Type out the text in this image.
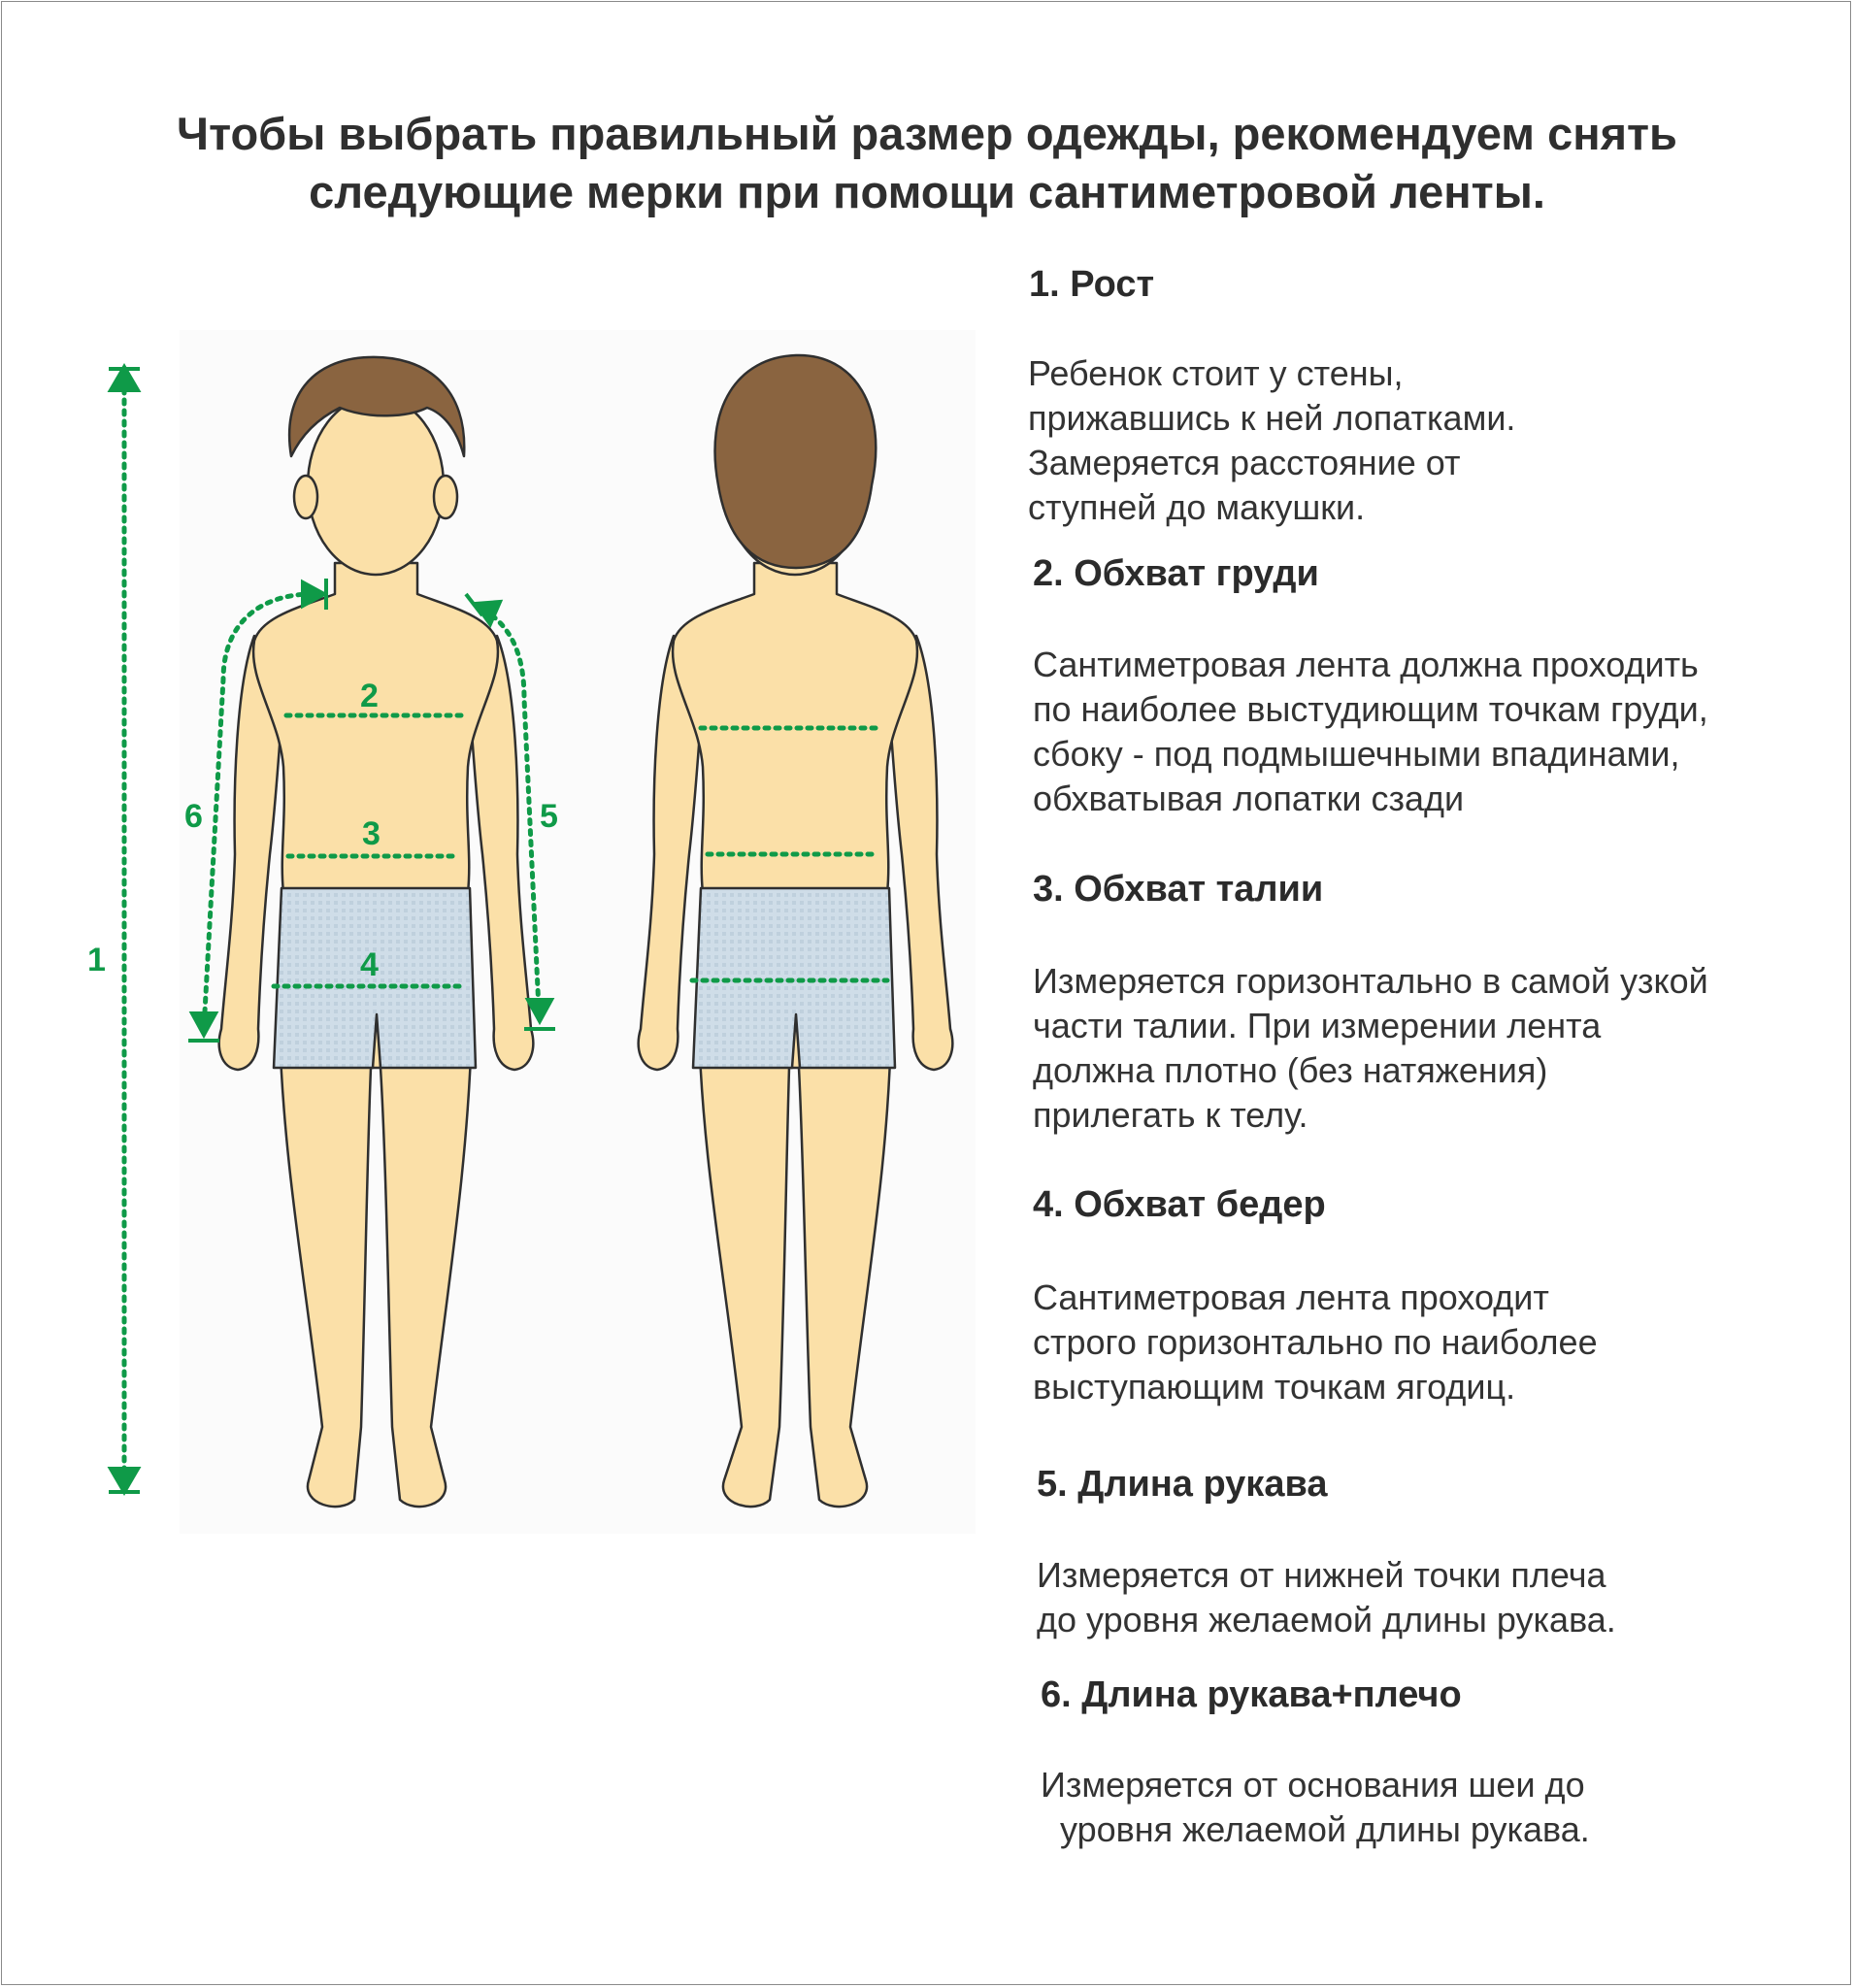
Чтобы выбрать правильный размер одежды, рекомендуем снять
следующие мерки при помощи сантиметровой ленты.
1
2
3
4
5
6
1. Рост
Ребенок стоит у стены,
прижавшись к ней лопатками.
Замеряется расстояние от
ступней до макушки.
2. Обхват груди
Сантиметровая лента должна проходить
по наиболее выстудиющим точкам груди,
сбоку - под подмышечными впадинами,
обхватывая лопатки сзади
3. Обхват талии
Измеряется горизонтально в самой узкой
части талии. При измерении лента
должна плотно (без натяжения)
прилегать к телу.
4. Обхват бедер
Сантиметровая лента проходит
строго горизонтально по наиболее
выступающим точкам ягодиц.
5. Длина рукава
Измеряется от нижней точки плеча
до уровня желаемой длины рукава.
6. Длина рукава+плечо
Измеряется от основания шеи до
уровня желаемой длины рукава.
